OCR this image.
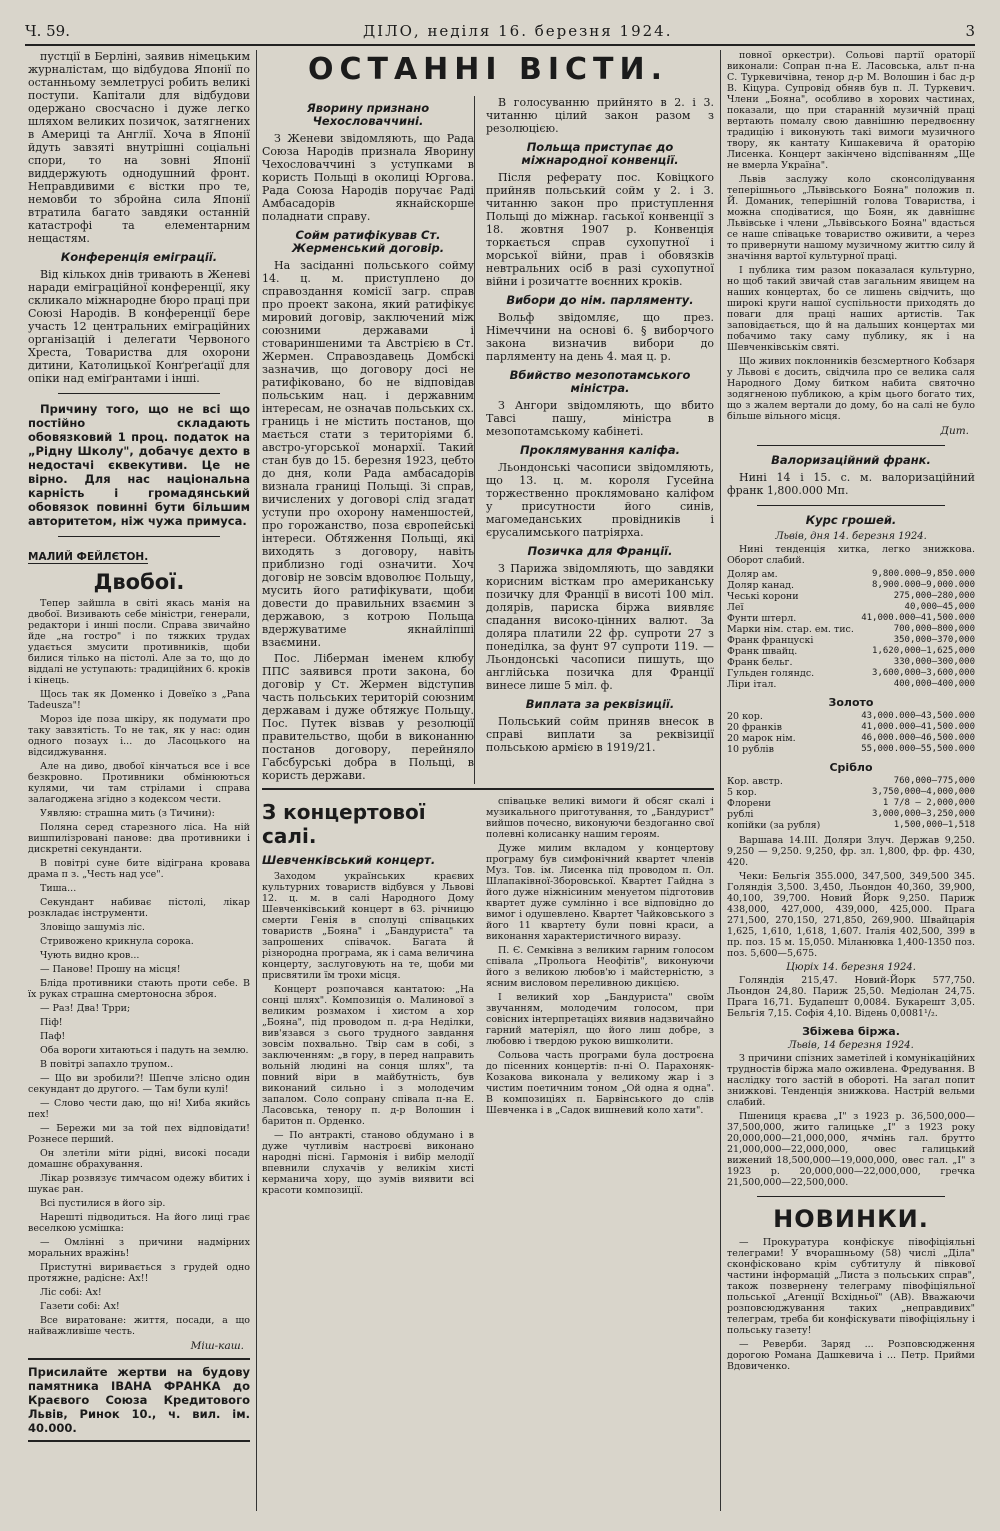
Ч. 59.	ДІЛО, неділя 16. березня 1924.	3

пустції в Берліні, заявив німецьким журналістам, що відбудова Японії по останньому землетрусі робить великі поступи. Капітали для відбудови одержано свосчасно і дуже легко шляхом великих позичок, затягнених в Америці та Англії. Хоча в Японії йдуть завзяті внутрішні соціальні спори, то на зовні Японії виддержують однодушний фронт. Неправдивими є вістки про те, немовби то збройна сила Японії втратила багато завдяки останній катастрофі та елементарним нещастям.

Конференція еміграції.

Від кількох днів тривають в Женеві наради еміграційної конференції, яку скликало міжнародне бюро праці при Союзі Народів. В конференції бере участь 12 центральних еміграційних організацій і делегати Червоного Хреста, Товариства для охорони дитини, Католицької Конґреґації для опіки над еміґрантами і інші.

Причину того, що не всі що постійно складають обовязковий 1 проц. податок на „Рідну Школу", добачує дехто в недостачі єквекутиви. Це не вірно. Для нас національна карність і громадянський обовязок повинні бути більшим авторитетом, ніж чужа примуса.

МАЛИЙ ФЕЙЛЄТОН.
Двобої.

Тепер зайшла в світі якась манія на двобої. Визивають себе міністри, генерали, редактори і инші посли. Справа звичайно йде „на гостро" і по тяжких трудах удається змусити противників, щоби билися тілько на пістолі. Але за то, що до віддалі не уступають: традиційних 6. кроків і кінець.

Щось так як Доменко і Довеїко з „Pana Tadeusza"!

Мороз іде поза шкіру, як подумати про таку завзятість. То не так, як у нас: один одного позаух і... до Ласоцького на відсиджування.

Але на диво, двобої кінчаться все і все безкровно. Противники обмінюються кулями, чи там стрілами і справа залагоджена згідно з кодексом чести.

Уявляю: страшна мить (з Тичини):

Поляна серед старезного ліса. На ній вишпилізровані панове: два противники і дискретні секунданти.

В повітрі суне бите відіграна кровава драма п з. „Честь над усе".

Тиша...

Секундант набиває пістолі, лікар розкладає інструменти.

Зловіщо зашуміз ліс.

Стривожено крикнула сорока.

Чують видно кров...

— Панове! Прошу на місця!

Бліда противники стають проти себе. В їх руках страшна смертоносна зброя.

— Раз! Два! Трри;

Піф!

Паф!

Оба вороги хитаються і падуть на землю.

В повітрі запахло трупом..

— Що ви зробили?! Шепче злісно один секундант до другого. — Там були кулі!

— Слово чести даю, що ні! Хиба якийсь пех!

— Бережи ми за той пех відповідати! Рознесе перший.

Он злетіли міти рідні, високі посади домашнє обрахування.

Лікар розвязує тимчасом одежу вбитих і шукає ран.

Всі пустилися в його зір.

Нарешті підводиться. На його лиці грає веселкою усмішка:

— Омлінні з причини надмірних моральних вражінь!

Пристутні виривається з грудей одно протяжне, радісне: Ах!!

Ліс собі: Ах!

Газети собі: Ах!

Все виратоване: життя, посади, а що найважливіше честь.

Міш-каш.
Присилайте жертви на будову памятника ІВАНА ФРАНКА до Краєвого Союза Кредитового Львів, Ринок 10., ч. вил. ім. 40.000.
ОСТАННІ ВІСТИ.
Яворину признано Чехословаччині.

З Женеви звідомляють, що Рада Союза Народів признала Яворину Чехословаччині з уступками в користь Польщі в околиці Юргова. Рада Союза Народів поручає Раді Амбасадорів якнайскорше поладнати справу.

Сойм ратифікував Ст. Жерменський договір.

На засіданні польського сойму 14. ц. м. приступлено до справоздання комісії загр. справ про проект закона, який ратифікує мировий договір, заключений між союзними державами і стовариншеними та Австрією в Ст. Жермен. Справоздавець Домбскі зазначив, що договору досі не ратифіковано, бо не відповідав польським нац. і державним інтересам, не означав польських сх. границь і не містить постанов, що мається стати з територіями б. австро-угорської монархії. Такий стан був до 15. березня 1923, цебто до дня, коли Рада амбасадорів визнала границі Польщі. Зі справ, вичислених у договорі слід згадат уступи про охорону наменшостей, про горожанство, поза європейські інтереси. Обтяження Польщі, які виходять з договору, навіть приблизно годі означити. Хоч договір не зовсім вдоволює Польщу, мусить його ратифікувати, щоби довести до правильних взаємин з державою, з котрою Польща вдержуватиме якнайліпші взаємини.

Пос. Ліберман іменем клюбу ППС заявився проти закона, бо договір у Ст. Жермен відступив часть польських територій союзним державам і дуже обтяжує Польщу. Пос. Путек візвав у резолюції правительство, щоби в виконанню постанов договору, перейняло Габсбурські добра в Польщі, в користь держави.

В голосуванню прийнято в 2. і 3. читанню цілий закон разом з резолюцією.

Польща приступає до міжнародної конвенції.

Після реферату пос. Ковіцкого прийняв польський сойм у 2. і 3. читанню закон про приступлення Польщі до міжнар. гаської конвенції з 18. жовтня 1907 р. Конвенція торкається справ сухопутної і морської війни, прав і обовязків невтральних осіб в разі сухопутної війни і розичатте воєнних кроків.

Вибори до нім. парляменту.

Вольф звідомляє, що през. Німеччини на основі 6. § виборчого закона визначив вибори до парляменту на день 4. мая ц. р.

Вбийство мезопотамського міністра.

З Ангори звідомляють, що вбито Тавсі пашу, міністра в мезопотамському кабінеті.

Проклямування каліфа.

Льондонські часописи звідомляють, що 13. ц. м. короля Гусейна торжественно проклямовано каліфом у присутности його синів, магомеданських провідників і єрусалимського патріярха.

Позичка для Франції.

З Парижа звідомляють, що завдяки корисним вісткам про американську позичку для Франції в висоті 100 міл. долярів, парискa біржа виявляє спадання високо-цінних валют. За доляра платили 22 фр. супроти 27 з понеділка, за фунт 97 супроти 119. — Льондонські часописи пишуть, що англійська позичка для Франції винесе лише 5 міл. ф.

Виплата за реквізиції.

Польський сойм приняв внесок в справі виплати за реквізиції польською армією в 1919/21.

З концертової салі.
Шевченківський концерт.

Заходом українських краєвих культурних товариств відбувся у Львові 12. ц. м. в салі Народного Дому Шевченківський концерт в 63. річницю смерти Генія в сполуці співацьких товариств „Бояна" і „Бандуриста" та запрошених співачок. Багата й різнородна програма, як і сама величина концерту, заслуговують на те, щоби ми присвятили їм трохи місця.

Концерт розпочався кантатою: „На сонці шлях". Композиція о. Малинової з великим розмахом і хистом а хор „Бояна", під проводом п. д-ра Неділки, вив'язався з сього трудного завдання зовсім похвально. Твір сам в собі, з заключенням: „в гору, в перед направить вольній людині на сонця шлях", та повний віри в майбутність, був виконаний сильно і з молодечим запалом. Соло сопрану співала п-на Е. Ласовська, тенору п. д-р Волошин і баритон п. Орденко.

— По антракті, станово обдумано і в дуже чутливім настроєві виконано народні пісні. Гармонія і вибір мелодії впевнили слухачів у великім хисті керманича хору, що зумів виявити всі красоти композиції.

співацьке великі вимоги й обсяг скалі і музикального приготування, то „Бандурист" вийшов почесно, виконуючи бездоганно свої полевні колиcанку нашим героям.

Дуже милим вкладом у концертову програму був симфонічний квартет членів Муз. Тов. ім. Лисенка під проводом п. Ол. Шлапаківної-Зборовської. Квартет Гайдна з його дуже ніжнісиним менуетом підготовив квартет дуже сумлінно і все відповідно до вимог і одушевлено. Квартет Чайковського з його 11 квартету були повні краси, а виконання характеристичного виразу.

П. Є. Семківна з великим гарним голосом співала „Прольога Неофітів", виконуючи його з великою любов'ю і майстерністю, з ясним висловом переливною дикцією.

І великий хор „Бандуриста" своїм звучанням, молодечим голосом, при совісних інтерпретаціях виявив надзвичайно гарний матеріял, що його лиш добре, з любовю і твердою рукою вишколити.

Сольова часть програми була достроєна до пісенних концертів: п-ні О. Парахоняк-Козакова виконала у великому жар і з чистим поетичним тоном „Ой одна я одна". В композиціях п. Барвінського до слів Шевченка і в „Садок вишневий коло хати".

повної оркестри). Сольові партії ораторії виконали: Сопран п-на Е. Ласовська, альт п-на С. Туркевичівна, тенор д-р М. Волошин і бас д-р В. Кіцура. Супровід обняв був п. Л. Туркевич. Члени „Бояна", особливо в хорових частинах, показали, що при старанній музичній праці вертають помалу свою давнішню передвоєнну традицію і виконують такі вимоги музичного твору, як кантату Кишакевича й ораторію Лисенка. Концерт закінчено відспіванням „Ще не вмерла Україна".

Львів заслужу коло сконсолідування теперішнього „Львівського Бояна" положив п. Й. Доманик, теперішній голова Товариства, і можна сподіватися, що Боян, як давнішнє Львівське і члени „Львівського Бояна" вдасться се наше співацьке товариство оживити, а через то привернути нашому музичному життю силу й значіння вартої культурної праці.

І публика тим разом показалася культурно, но щоб такий звичай став загальним явищем на наших концертах, бо се лишень свідчить, що широкі круги нашої суспільности приходять до поваги для праці наших артистів. Так заповідається, що й на дальших концертах ми побачимо таку саму публику, як і на Шевченківськім святі.

Що живих поклонників безсмертного Кобзаря у Львові є досить, свідчила про се велика саля Народного Дому битком набита святочно зодягненою публикою, а крім цього богато тих, що з жалем вертали до дому, бо на салі не було більше вільного місця.

Дит.
Валоризаційний франк.

Нині 14 і 15. с. м. валоризаційний франк 1,800.000 Мп.

Курс грошей.
Львів, дня 14. березня 1924.

Нині тенденція хитка, легко знижкова. Оборот слабий.

Доляр ам.	9,800.000—9,850.000
Доляр канад.	8,900.000—9,000.000
Чеські корони	275,000—280,000
Леї	40,000—45,000
Фунти штерл.	41,000.000—41,500.000
Марки нім. стар. ем. тис.	700,000—800,000
Франк францускі	350,000—370,000
Франк швайц.	1,620,000—1,625,000
Франк бельг.	330,000—300,000
Гульден голяндс.	3,600,000—3,600,000
Ліри італ.	400,000—400,000
Золото
20 кор.	43,000.000—43,500.000
20 франків	41,000.000—41,500.000
20 марок нім.	46,000.000—46,500.000
10 рублів	55,000.000—55,500.000
Срібло
Кор. австр.	760,000—775,000
5 кор.	3,750,000—4,000,000
Флорени	1 7/8 — 2,000,000
рублі	3,000,000—3,250,000
копійки (за рубля)	1,500,000—1,518

Варшава 14.III. Доляри Злуч. Держав 9,250. 9,250 — 9,250. 9,250, фр. зл. 1,800, фр. фр. 430, 420.

Чеки: Бельгія 355.000, 347,500, 349,500 345. Голяндія 3,500. 3,450, Льондон 40,360, 39,900, 40,100, 39,700. Новий Йорк 9,250. Париж 438,000, 427,000, 439,000, 425,000. Прага 271,500, 270,150, 271,850, 269,900. Швайцарія 1,625, 1,610, 1,618, 1,607. Італія 402,500, 399 в пр. поз. 15 м. 15,050. Міланювка 1,400-1350 поз. поз. 5,600—5,675.

Цюріх 14. березня 1924.

Голяндія 215,47. Новий-Йорк 577,750. Льондон 24,80. Париж 25,50. Медіолан 24,75. Прага 16,71. Будапешт 0,0084. Букарешт 3,05. Бельгія 7,15. Софія 4,10. Відень 0,0081¹/₂.

Збіжева біржа.
Львів, 14 березня 1924.

З причини спізних заметілей і комунікаційних трудностів біржа мало оживлена. Фредування. В наслідку того застій в обороті. На загал попит знижкові. Тенденція знижкова. Настрій вельми слабий.

Пшениця краєва „I" з 1923 р. 36,500,000—37,500,000, жито галицьке „I" з 1923 року 20,000,000—21,000,000, ячмінь гал. бруттo 21,000,000—22,000,000, овес галицький вижений 18,500,000—19,000,000, овес гал. „I" з 1923 р. 20,000,000—22,000,000, гречка 21,500,000—22,500,000.

НОВИНКИ.

— Прокуратура конфіскує півофіціяльні телеграми! У вчорашньому (58) числі „Діла" сконфісковано крім субтитулу й півкової частини інформацій „Листа з польських справ", також позвернену телеграму півофіціяльної польської „Агенції Всхідньої" (АВ). Вважаючи розповсюджування таких „неправдивих" телеграм, треба би конфіскувати півофіціяльну і польську газету!

— Реверби. Заряд ... Розповсюдження дорогою Романа Дашкевича і ... Петр. Прийми Вдовиченко.
